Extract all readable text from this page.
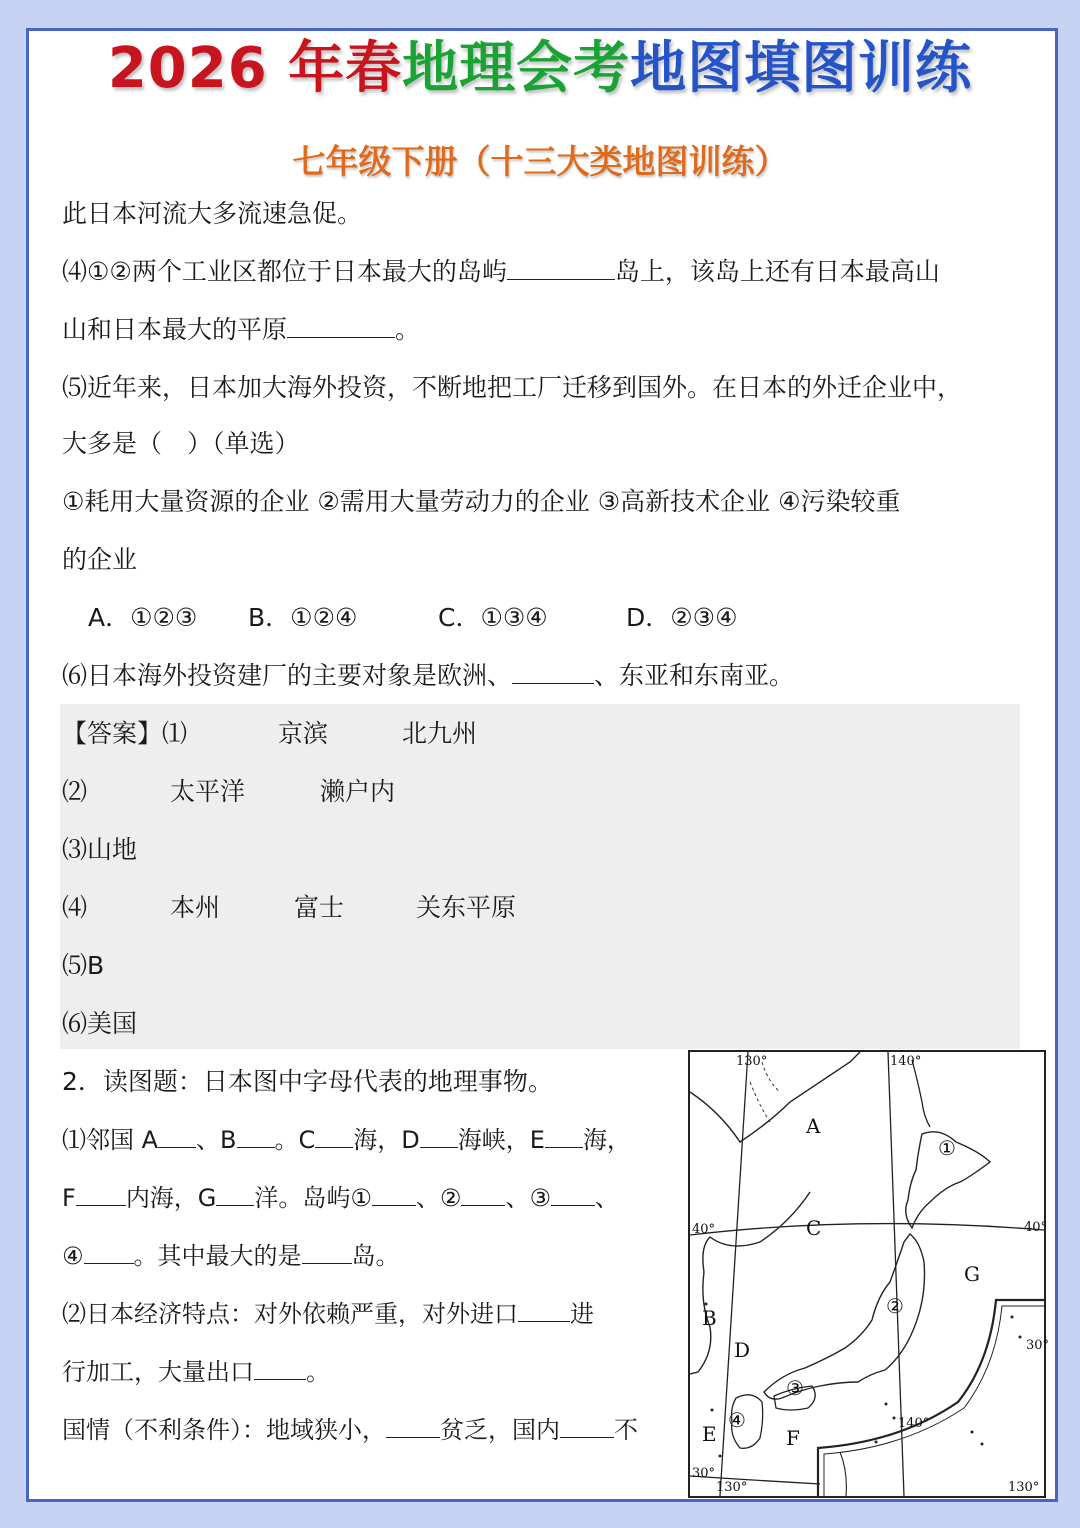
2026 年春地理会考地图填图训练
七年级下册（十三大类地图训练）
此日本河流大多流速急促。
⑷①②两个工业区都位于日本最大的岛屿	岛上，该岛上还有日本最高山
山和日本最大的平原	。
⑸近年来，日本加大海外投资，不断地把工厂迁移到国外。在日本的外迁企业中，
大多是（　）（单选）
①耗用大量资源的企业 ②需用大量劳动力的企业 ③高新技术企业 ④污染较重
的企业
A．①②③ B．①②④	C．①③④	D．②③④
⑹日本海外投资建厂的主要对象是欧洲、	、东亚和东南亚。
【答案】⑴	京滨	北九州
⑵	太平洋	濑户内
⑶山地
⑷	本州	富士	关东平原
⑸B
⑹美国
2．读图题：日本图中字母代表的地理事物。
⑴邻国 A 、B 。C 海，D 海峡，E 海，
F 内海，G 洋。岛屿① 、② 、③ 、
④ 。其中最大的是 岛。
⑵日本经济特点：对外依赖严重，对外进口 进
行加工，大量出口 。
国情（不利条件）：地域狭小， 贫乏，国内 不
130°	140°
40°	40°
30°
140°
30°
130°	130°
A
B
C
D
E	F
G
①
②
③
④
